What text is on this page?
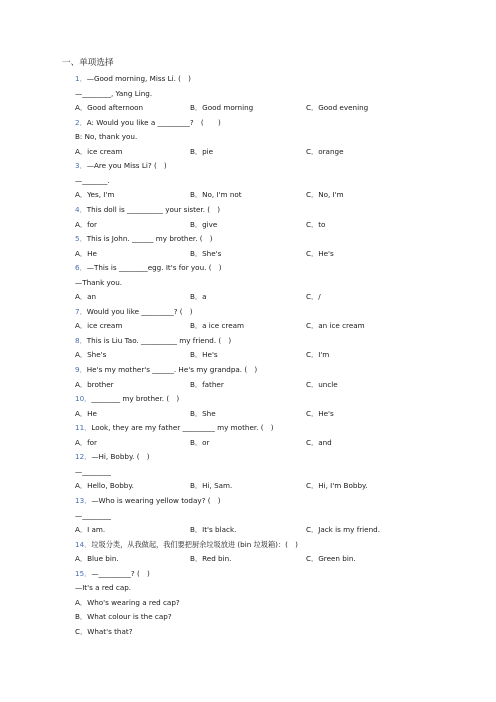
一、单项选择
1．—Good morning, Miss Li. (　)
—________, Yang Ling.
A．Good afternoon	B．Good morning	C．Good evening
2．A: Would you like a _________?　(　　)
B: No, thank you.
A．ice cream	B．pie	C．orange
3．—Are you Miss Li? (　)
—_______.
A．Yes, I'm	B．No, I'm not	C．No, I'm
4．This doll is __________ your sister. (　)
A．for	B．give	C．to
5．This is John. ______ my brother. (　)
A．He	B．She's	C．He's
6．—This is ________egg. It's for you. (　)
—Thank you.
A．an	B．a	C．/
7．Would you like _________? (　)
A．ice cream	B．a ice cream	C．an ice cream
8．This is Liu Tao. __________ my friend. (　)
A．She's	B．He's	C．I'm
9．He's my mother's ______. He's my grandpa. (　)
A．brother	B．father	C．uncle
10．________ my brother. (　)
A．He	B．She	C．He's
11．Look, they are my father _________ my mother. (　)
A．for	B．or	C．and
12．—Hi, Bobby. (　)
—________
A．Hello, Bobby.	B．Hi, Sam.	C．Hi, I'm Bobby.
13．—Who is wearing yellow today? (　)
—________
A．I am.	B．It's black.	C．Jack is my friend.
14．垃圾分类，从我做起，我们要把厨余垃圾放进 (bin 垃圾箱)：(　)
A．Blue bin.	B．Red bin.	C．Green bin.
15．—_________? (　)
—It's a red cap.
A．Who's wearing a red cap?
B．What colour is the cap?
C．What's that?
